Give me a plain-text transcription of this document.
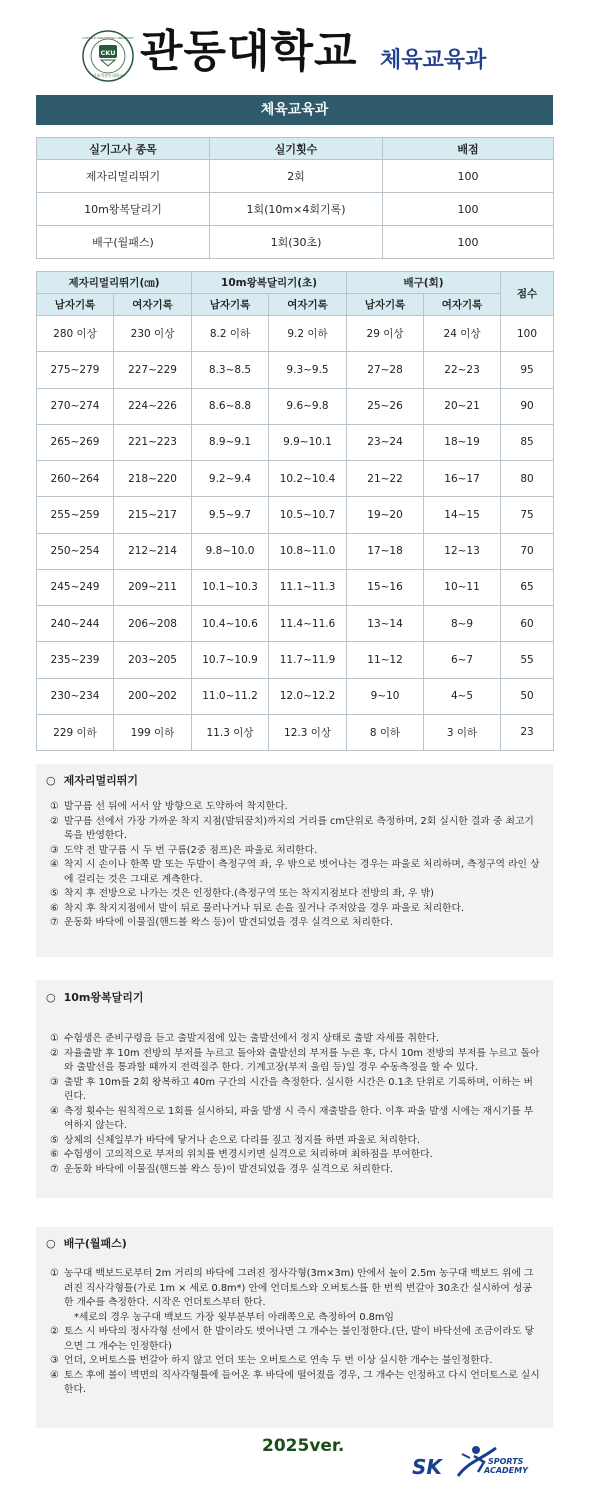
CKU
CATHOLIC KWANDONG UNIVERSITY
가톨릭관동대학교 관동대학교 체육교육과
체육교육과
실기고사 종목	실기횟수	배점
제자리멀리뛰기	2회	100
10m왕복달리기	1회(10m×4회기록)	100
배구(월패스)	1회(30초)	100
제자리멀리뛰기(㎝)		10m왕복달리기(초)		배구(회)		점수
남자기록	여자기록	남자기록	여자기록	남자기록	여자기록	
280 이상	230 이상	8.2 이하	9.2 이하	29 이상	24 이상	100
275~279	227~229	8.3~8.5	9.3~9.5	27~28	22~23	95
270~274	224~226	8.6~8.8	9.6~9.8	25~26	20~21	90
265~269	221~223	8.9~9.1	9.9~10.1	23~24	18~19	85
260~264	218~220	9.2~9.4	10.2~10.4	21~22	16~17	80
255~259	215~217	9.5~9.7	10.5~10.7	19~20	14~15	75
250~254	212~214	9.8~10.0	10.8~11.0	17~18	12~13	70
245~249	209~211	10.1~10.3	11.1~11.3	15~16	10~11	65
240~244	206~208	10.4~10.6	11.4~11.6	13~14	8~9	60
235~239	203~205	10.7~10.9	11.7~11.9	11~12	6~7	55
230~234	200~202	11.0~11.2	12.0~12.2	9~10	4~5	50
229 이하	199 이하	11.3 이상	12.3 이상	8 이하	3 이하	23
○ 제자리멀리뛰기
① 발구름 선 뒤에 서서 앞 방향으로 도약하여 착지한다.
② 발구름 선에서 가장 가까운 착지 지점(발뒤꿈치)까지의 거리를 cm단위로 측정하며, 2회 실시한 결과 중 최고기록을 반영한다.
③ 도약 전 발구름 시 두 번 구름(2중 점프)은 파울로 처리한다.
④ 착지 시 손이나 한쪽 발 또는 두발이 측정구역 좌, 우 밖으로 벗어나는 경우는 파울로 처리하며, 측정구역 라인 상에 걸리는 것은 그대로 계측한다.
⑤ 착지 후 전방으로 나가는 것은 인정한다.(측정구역 또는 착지지점보다 전방의 좌, 우 밖)
⑥ 착지 후 착지지점에서 발이 뒤로 물러나거나 뒤로 손을 짚거나 주저앉을 경우 파울로 처리한다.
⑦ 운동화 바닥에 이물질(핸드볼 왁스 등)이 발견되었을 경우 실격으로 처리한다.
○ 10m왕복달리기
① 수험생은 준비구령을 듣고 출발지점에 있는 출발선에서 정지 상태로 출발 자세를 취한다.
② 자율출발 후 10m 전방의 부저를 누르고 돌아와 출발선의 부저를 누른 후, 다시 10m 전방의 부저를 누르고 돌아와 출발선을 통과할 때까지 전력질주 한다. 기계고장(부저 울림 등)일 경우 수동측정을 할 수 있다.
③ 출발 후 10m를 2회 왕복하고 40m 구간의 시간을 측정한다. 실시한 시간은 0.1초 단위로 기록하며, 이하는 버린다.
④ 측정 횟수는 원칙적으로 1회를 실시하되, 파울 발생 시 즉시 재출발을 한다. 이후 파울 발생 시에는 재시기를 부여하지 않는다.
⑤ 상체의 신체일부가 바닥에 닿거나 손으로 다리를 짚고 정지를 하면 파울로 처리한다.
⑥ 수험생이 고의적으로 부저의 위치를 변경시키면 실격으로 처리하며 최하점을 부여한다.
⑦ 운동화 바닥에 이물질(핸드볼 왁스 등)이 발견되었을 경우 실격으로 처리한다.
○ 배구(월패스)
① 농구대 백보드로부터 2m 거리의 바닥에 그려진 정사각형(3m×3m) 안에서 높이 2.5m 농구대 백보드 위에 그려진 직사각형틀(가로 1m × 세로 0.8m*) 안에 언더토스와 오버토스를 한 번씩 번갈아 30초간 실시하여 성공한 개수를 측정한다. 시작은 언더토스부터 한다.
*세로의 경우 농구대 백보드 가장 윗부분부터 아래쪽으로 측정하여 0.8m임
② 토스 시 바닥의 정사각형 선에서 한 발이라도 벗어나면 그 개수는 불인정한다.(단, 발이 바닥선에 조금이라도 닿으면 그 개수는 인정한다)
③ 언더, 오버토스를 번갈아 하지 않고 언더 또는 오버토스로 연속 두 번 이상 실시한 개수는 불인정한다.
④ 토스 후에 볼이 벽면의 직사각형틀에 들어온 후 바닥에 떨어졌을 경우, 그 개수는 인정하고 다시 언더토스로 실시한다.
2025ver.
SK	SPORTS
ACADEMY
